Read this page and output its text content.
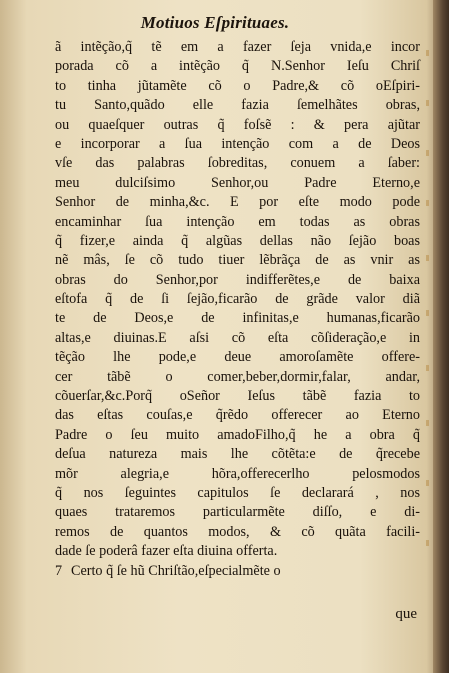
Motiuos Eſpirituaes.
ã intẽção,q̃ tẽ em a fazer ſeja vnida,e incor
porada cõ a intẽção q̃ N.Senhor Ieſu Chriſ
to tinha jũtamẽte cõ o Padre,& cõ oEſpiri-
tu Santo,quãdo elle fazia ſemelhãtes obras,
ou quaeſquer outras q̃ foſsẽ : & pera ajũtar
e incorporar a ſua intenção com a de Deos
vſe das palabras ſobreditas, conuem a ſaber:
meu dulciſsimo Senhor,ou Padre Eterno,e
Senhor de minha,&c. E por eſte modo pode
encaminhar ſua intenção em todas as obras
q̃ fizer,e ainda q̃ algũas dellas não ſejão boas
nẽ mâs, ſe cõ tudo tiuer lẽbrãça de as vnir as
obras do Senhor,por indifferẽtes,e de baixa
eſtofa q̃ de ſi ſejão,ficarão de grãde valor diã
te de Deos,e de infinitas,e humanas,ficarão
altas,e diuinas.E aſsi cõ eſta cõſideração,e in
tẽção lhe pode,e deue amoroſamẽte offere-
cer tãbẽ o comer,beber,dormir,falar, andar,
cõuerſar,&c.Porq̃ oSeñor Ieſus tãbẽ fazia to
das eſtas couſas,e q̃rẽdo offerecer ao Eterno
Padre o ſeu muito amadoFilho,q̃ he a obra q̃
deſua natureza mais lhe cõtẽta:e de q̃recebe
mõr alegria,e hõra,offerecerlho pelosmodos
q̃ nos ſeguintes capitulos ſe declarará , nos
quaes trataremos particularmẽte diſſo, e di-
remos de quantos modos, & cõ quãta facili-
dade ſe poderâ fazer eſta diuina offerta.
7 Certo q̃ ſe hũ Chriſtão,eſpecialmẽte o
que
